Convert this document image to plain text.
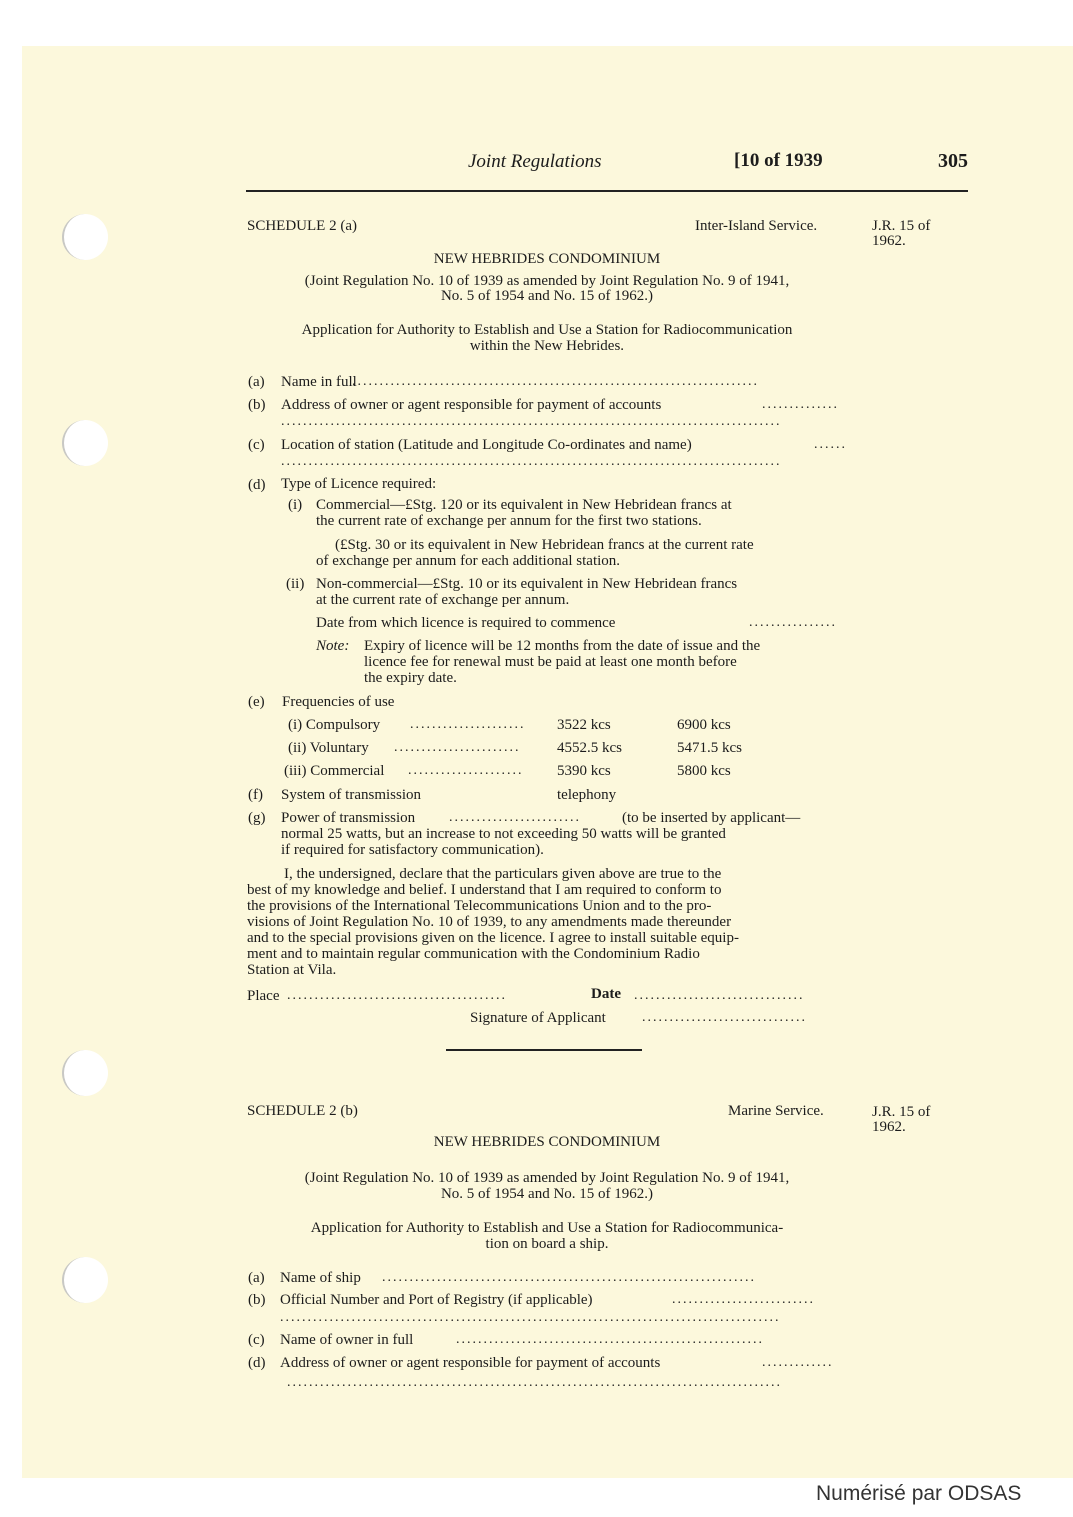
Joint Regulations	[10 of 1939	305
SCHEDULE 2 (a)	Inter-Island Service.	J.R. 15 of
1962.
NEW HEBRIDES CONDOMINIUM
(Joint Regulation No. 10 of 1939 as amended by Joint Regulation No. 9 of 1941,
No. 5 of 1954 and No. 15 of 1962.)
Application for Authority to Establish and Use a Station for Radiocommunication
within the New Hebrides.
(a) Name in full
..........................................................................
(b) Address of owner or agent responsible for payment of accounts	..............
...........................................................................................
(c) Location of station (Latitude and Longitude Co-ordinates and name)	......
...........................................................................................
(d) Type of Licence required:
(i) Commercial—£Stg. 120 or its equivalent in New Hebridean francs at
the current rate of exchange per annum for the first two stations.
(£Stg. 30 or its equivalent in New Hebridean francs at the current rate
of exchange per annum for each additional station.
(ii) Non-commercial—£Stg. 10 or its equivalent in New Hebridean francs
at the current rate of exchange per annum.
Date from which licence is required to commence	................
Note: Expiry of licence will be 12 months from the date of issue and the
licence fee for renewal must be paid at least one month before
the expiry date.
(e) Frequencies of use
(i) Compulsory .....................	3522 kcs	6900 kcs
(ii) Voluntary .......................	4552.5 kcs	5471.5 kcs
(iii) Commercial .....................	5390 kcs	5800 kcs
(f) System of transmission	telephony
(g) Power of transmission ........................	(to be inserted by applicant—
normal 25 watts, but an increase to not exceeding 50 watts will be granted
if required for satisfactory communication).

I, the undersigned, declare that the particulars given above are true to the

best of my knowledge and belief. I understand that I am required to conform to

the provisions of the International Telecommunications Union and to the pro-

visions of Joint Regulation No. 10 of 1939, to any amendments made thereunder

and to the special provisions given on the licence. I agree to install suitable equip-

ment and to maintain regular communication with the Condominium Radio

Station at Vila.

Place ........................................	Date ...............................
Signature of Applicant	..............................
SCHEDULE 2 (b)	Marine Service.	J.R. 15 of
1962.
NEW HEBRIDES CONDOMINIUM
(Joint Regulation No. 10 of 1939 as amended by Joint Regulation No. 9 of 1941,
No. 5 of 1954 and No. 15 of 1962.)
Application for Authority to Establish and Use a Station for Radiocommunica-
tion on board a ship.
(a) Name of ship ....................................................................
(b) Official Number and Port of Registry (if applicable)	..........................
...........................................................................................
(c) Name of owner in full	........................................................
(d) Address of owner or agent responsible for payment of accounts	.............
..........................................................................................
Numérisé par ODSAS
